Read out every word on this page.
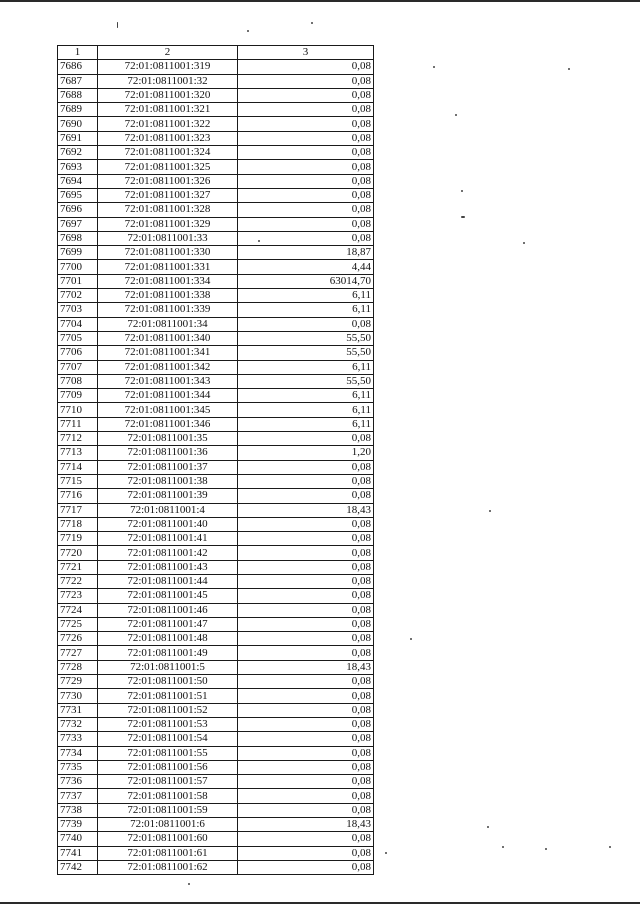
1	2	3
7686	72:01:0811001:319	0,08
7687	72:01:0811001:32	0,08
7688	72:01:0811001:320	0,08
7689	72:01:0811001:321	0,08
7690	72:01:0811001:322	0,08
7691	72:01:0811001:323	0,08
7692	72:01:0811001:324	0,08
7693	72:01:0811001:325	0,08
7694	72:01:0811001:326	0,08
7695	72:01:0811001:327	0,08
7696	72:01:0811001:328	0,08
7697	72:01:0811001:329	0,08
7698	72:01:0811001:33	0,08
7699	72:01:0811001:330	18,87
7700	72:01:0811001:331	4,44
7701	72:01:0811001:334	63014,70
7702	72:01:0811001:338	6,11
7703	72:01:0811001:339	6,11
7704	72:01:0811001:34	0,08
7705	72:01:0811001:340	55,50
7706	72:01:0811001:341	55,50
7707	72:01:0811001:342	6,11
7708	72:01:0811001:343	55,50
7709	72:01:0811001:344	6,11
7710	72:01:0811001:345	6,11
7711	72:01:0811001:346	6,11
7712	72:01:0811001:35	0,08
7713	72:01:0811001:36	1,20
7714	72:01:0811001:37	0,08
7715	72:01:0811001:38	0,08
7716	72:01:0811001:39	0,08
7717	72:01:0811001:4	18,43
7718	72:01:0811001:40	0,08
7719	72:01:0811001:41	0,08
7720	72:01:0811001:42	0,08
7721	72:01:0811001:43	0,08
7722	72:01:0811001:44	0,08
7723	72:01:0811001:45	0,08
7724	72:01:0811001:46	0,08
7725	72:01:0811001:47	0,08
7726	72:01:0811001:48	0,08
7727	72:01:0811001:49	0,08
7728	72:01:0811001:5	18,43
7729	72:01:0811001:50	0,08
7730	72:01:0811001:51	0,08
7731	72:01:0811001:52	0,08
7732	72:01:0811001:53	0,08
7733	72:01:0811001:54	0,08
7734	72:01:0811001:55	0,08
7735	72:01:0811001:56	0,08
7736	72:01:0811001:57	0,08
7737	72:01:0811001:58	0,08
7738	72:01:0811001:59	0,08
7739	72:01:0811001:6	18,43
7740	72:01:0811001:60	0,08
7741	72:01:0811001:61	0,08
7742	72:01:0811001:62	0,08
